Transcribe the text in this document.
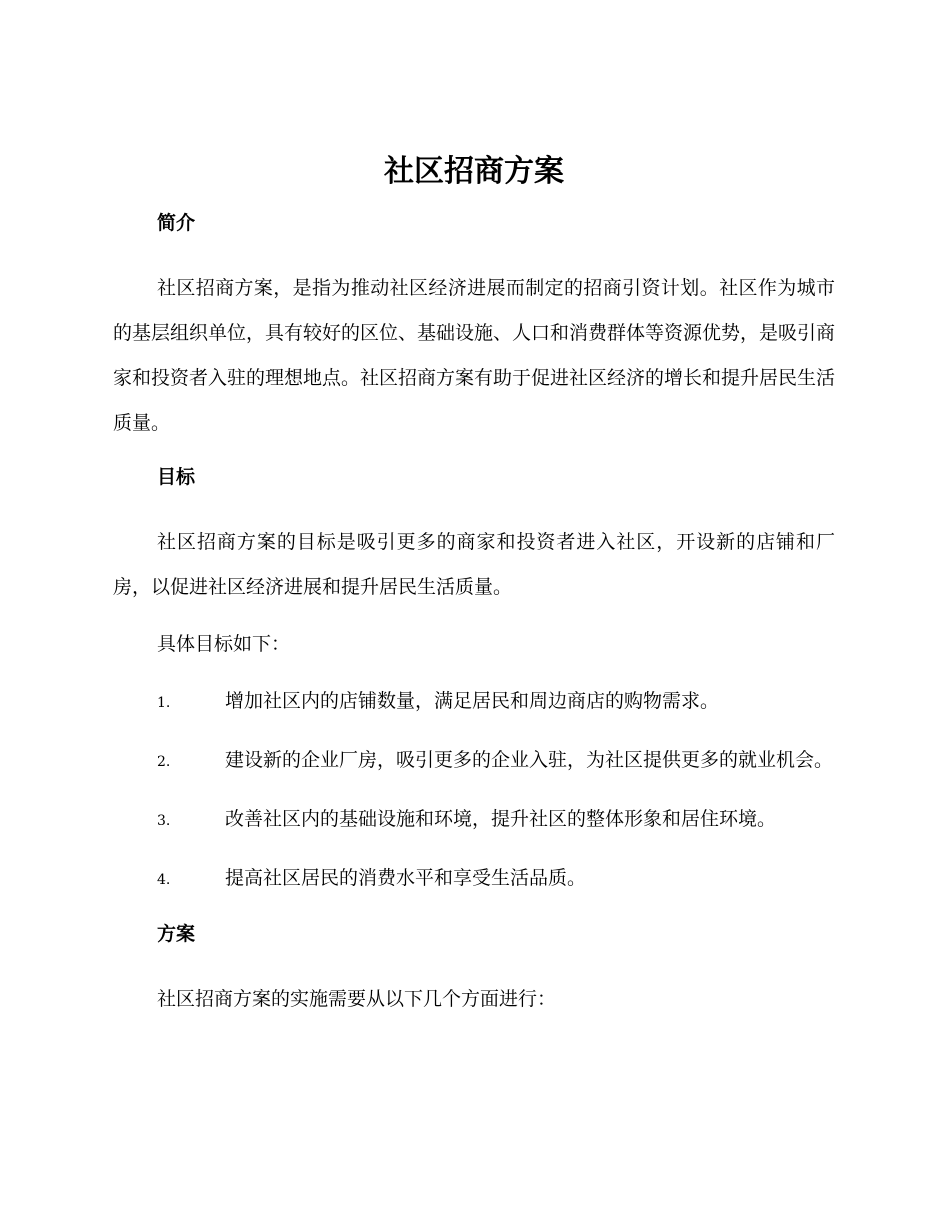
社区招商方案
简介

社区招商方案，是指为推动社区经济进展而制定的招商引资计划。社区作为城市的基层组织单位，具有较好的区位、基础设施、人口和消费群体等资源优势，是吸引商家和投资者入驻的理想地点。社区招商方案有助于促进社区经济的增长和提升居民生活质量。

目标

社区招商方案的目标是吸引更多的商家和投资者进入社区，开设新的店铺和厂房，以促进社区经济进展和提升居民生活质量。

具体目标如下：

1.	增加社区内的店铺数量，满足居民和周边商店的购物需求。

2.	建设新的企业厂房，吸引更多的企业入驻，为社区提供更多的就业机会。

3.	改善社区内的基础设施和环境，提升社区的整体形象和居住环境。

4.	提高社区居民的消费水平和享受生活品质。

方案

社区招商方案的实施需要从以下几个方面进行：
